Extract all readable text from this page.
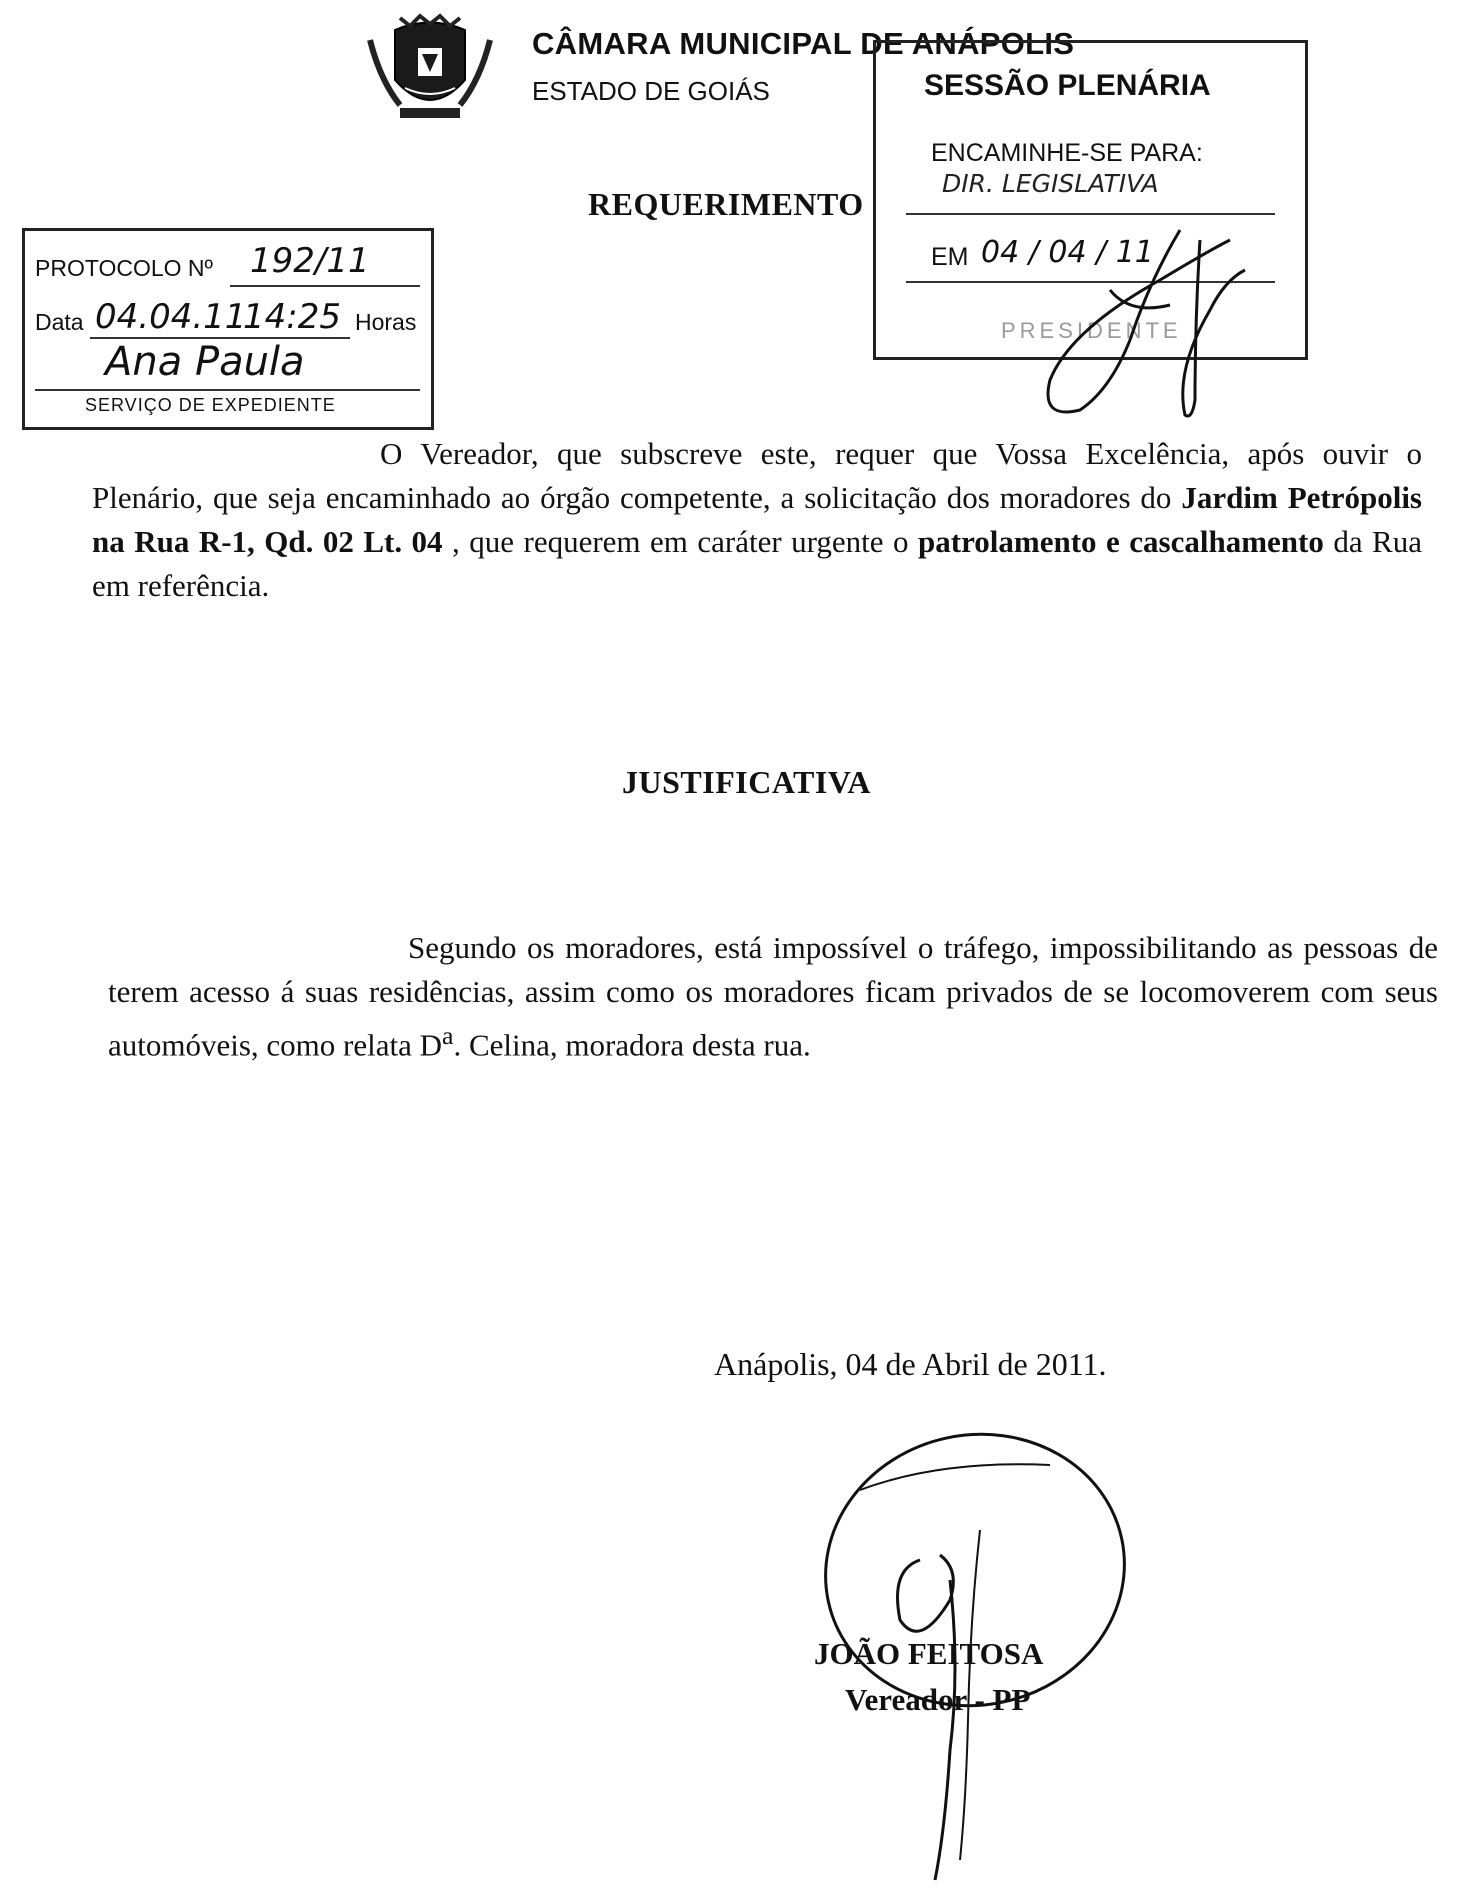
CÂMARA MUNICIPAL DE ANÁPOLIS
ESTADO DE GOIÁS
REQUERIMENTO
SESSÃO PLENÁRIA
ENCAMINHE-SE PARA:
DIR. LEGISLATIVA
EM 04 / 04 / 11
PRESIDENTE
PROTOCOLO Nº 192/11
Data 04.04.11
14:25 Horas
Ana Paula
SERVIÇO DE EXPEDIENTE
O Vereador, que subscreve este, requer que Vossa Excelência, após ouvir o Plenário, que seja encaminhado ao órgão competente, a solicitação dos moradores do Jardim Petrópolis na Rua R-1, Qd. 02 Lt. 04 , que requerem em caráter urgente o patrolamento e cascalhamento da Rua em referência.
JUSTIFICATIVA
Segundo os moradores, está impossível o tráfego, impossibilitando as pessoas de terem acesso á suas residências, assim como os moradores ficam privados de se locomoverem com seus automóveis, como relata $D^a$. Celina, moradora desta rua.
Anápolis, 04 de Abril de 2011.
JOÃO FEITOSA
Vereador - PP
